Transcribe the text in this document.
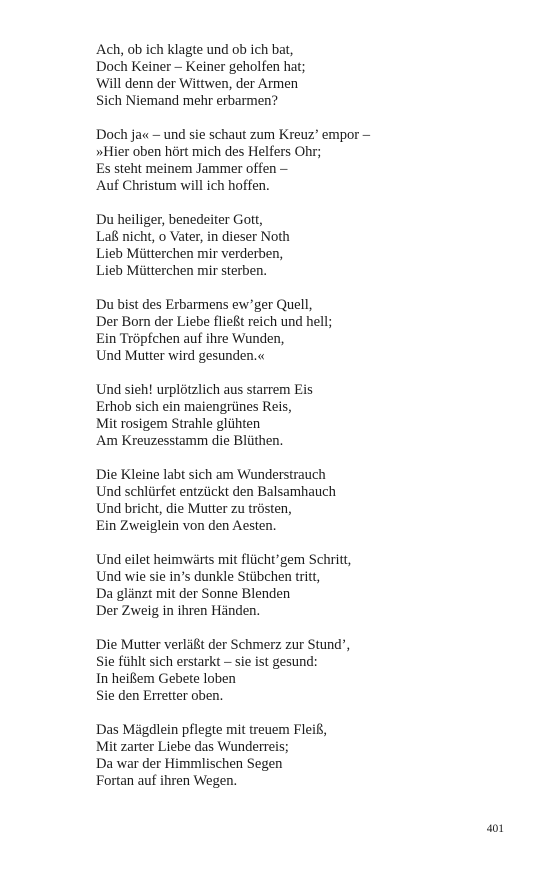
Ach, ob ich klagte und ob ich bat,
Doch Keiner – Keiner geholfen hat;
Will denn der Wittwen, der Armen
Sich Niemand mehr erbarmen?
Doch ja« – und sie schaut zum Kreuz’ empor –
»Hier oben hört mich des Helfers Ohr;
Es steht meinem Jammer offen –
Auf Christum will ich hoffen.
Du heiliger, benedeiter Gott,
Laß nicht, o Vater, in dieser Noth
Lieb Mütterchen mir verderben,
Lieb Mütterchen mir sterben.
Du bist des Erbarmens ew’ger Quell,
Der Born der Liebe fließt reich und hell;
Ein Tröpfchen auf ihre Wunden,
Und Mutter wird gesunden.«
Und sieh! urplötzlich aus starrem Eis
Erhob sich ein maiengrünes Reis,
Mit rosigem Strahle glühten
Am Kreuzesstamm die Blüthen.
Die Kleine labt sich am Wunderstrauch
Und schlürfet entzückt den Balsamhauch
Und bricht, die Mutter zu trösten,
Ein Zweiglein von den Aesten.
Und eilet heimwärts mit flücht’gem Schritt,
Und wie sie in’s dunkle Stübchen tritt,
Da glänzt mit der Sonne Blenden
Der Zweig in ihren Händen.
Die Mutter verläßt der Schmerz zur Stund’,
Sie fühlt sich erstarkt – sie ist gesund:
In heißem Gebete loben
Sie den Erretter oben.
Das Mägdlein pflegte mit treuem Fleiß,
Mit zarter Liebe das Wunderreis;
Da war der Himmlischen Segen
Fortan auf ihren Wegen.
401
